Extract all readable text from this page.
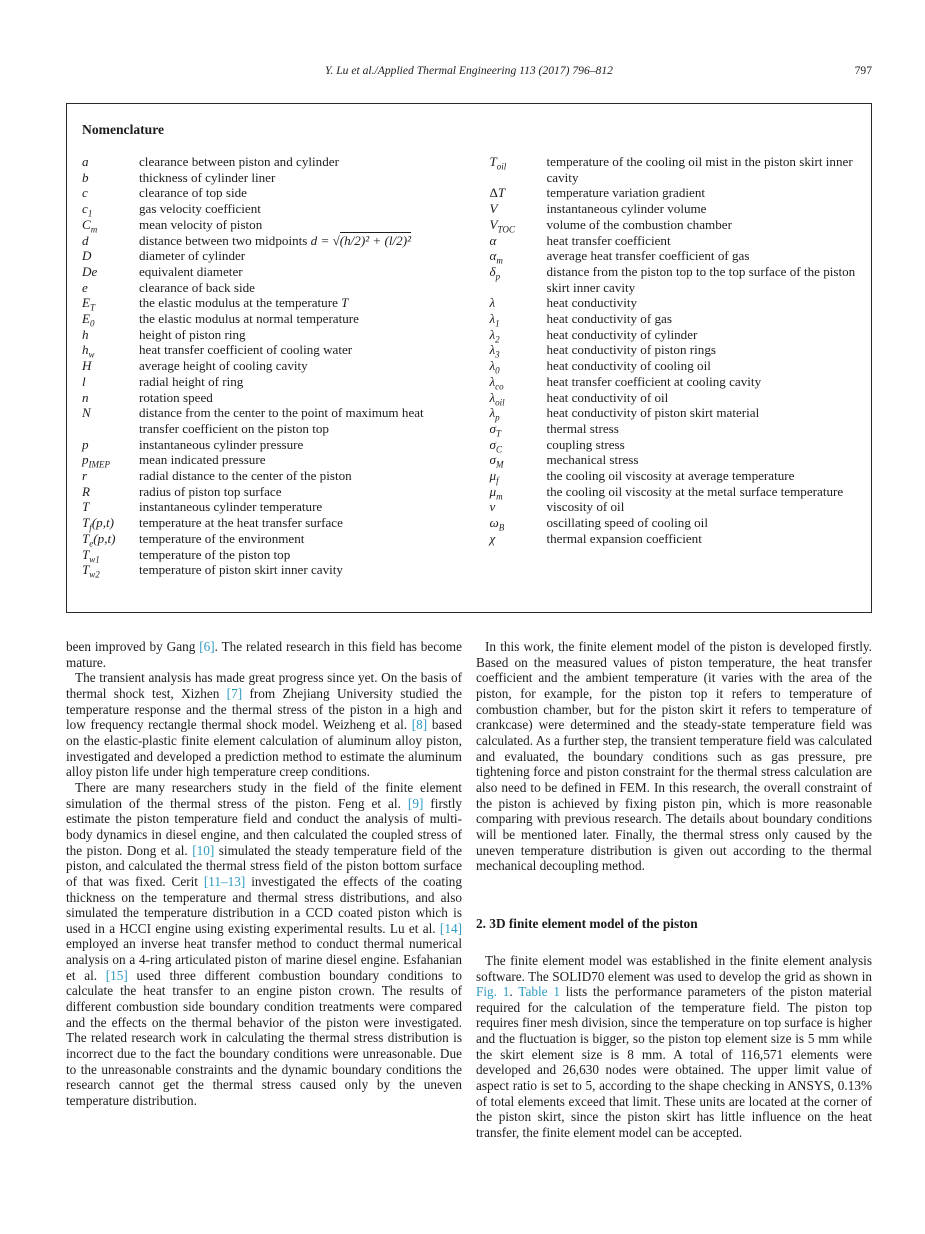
Y. Lu et al./Applied Thermal Engineering 113 (2017) 796–812	797
Nomenclature
a	clearance between piston and cylinder
b	thickness of cylinder liner
c	clearance of top side
$c_1$	gas velocity coefficient
$C_m$	mean velocity of piston
d	distance between two midpoints d = √(h/2)² + (l/2)²
D	diameter of cylinder
De	equivalent diameter
e	clearance of back side
$E_T$	the elastic modulus at the temperature T
$E_0$	the elastic modulus at normal temperature
h	height of piston ring
$h_w$	heat transfer coefficient of cooling water
H	average height of cooling cavity
l	radial height of ring
n	rotation speed
N	distance from the center to the point of maximum heat transfer coefficient on the piston top
p	instantaneous cylinder pressure
$p_{IMEP}$	mean indicated pressure
r	radial distance to the center of the piston
R	radius of piston top surface
T	instantaneous cylinder temperature
$T_f(p,t)$	temperature at the heat transfer surface
$T_e(p,t)$	temperature of the environment
$T_{w1}$	temperature of the piston top
$T_{w2}$	temperature of piston skirt inner cavity
$T_{oil}$	temperature of the cooling oil mist in the piston skirt inner cavity
ΔT	temperature variation gradient
V	instantaneous cylinder volume
$V_{TOC}$	volume of the combustion chamber
α	heat transfer coefficient
$\alpha_m$	average heat transfer coefficient of gas
$\delta_p$	distance from the piston top to the top surface of the piston skirt inner cavity
λ	heat conductivity
$\lambda_1$	heat conductivity of gas
$\lambda_2$	heat conductivity of cylinder
$\lambda_3$	heat conductivity of piston rings
$\lambda_0$	heat conductivity of cooling oil
$\lambda_{co}$	heat transfer coefficient at cooling cavity
$\lambda_{oil}$	heat conductivity of oil
$\lambda_p$	heat conductivity of piston skirt material
$\sigma_T$	thermal stress
$\sigma_C$	coupling stress
$\sigma_M$	mechanical stress
$\mu_f$	the cooling oil viscosity at average temperature
$\mu_m$	the cooling oil viscosity at the metal surface temperature
v	viscosity of oil
$\omega_B$	oscillating speed of cooling oil
χ	thermal expansion coefficient

been improved by Gang [6]. The related research in this field has become mature.

The transient analysis has made great progress since yet. On the basis of thermal shock test, Xizhen [7] from Zhejiang University studied the temperature response and the thermal stress of the piston in a high and low frequency rectangle thermal shock model. Weizheng et al. [8] based on the elastic-plastic finite element calculation of aluminum alloy piston, investigated and developed a prediction method to estimate the aluminum alloy piston life under high temperature creep conditions.

There are many researchers study in the field of the finite element simulation of the thermal stress of the piston. Feng et al. [9] firstly estimate the piston temperature field and conduct the analysis of multi-body dynamics in diesel engine, and then calculated the coupled stress of the piston. Dong et al. [10] simulated the steady temperature field of the piston, and calculated the thermal stress field of the piston bottom surface of that was fixed. Cerit [11–13] investigated the effects of the coating thickness on the temperature and thermal stress distributions, and also simulated the temperature distribution in a CCD coated piston which is used in a HCCI engine using existing experimental results. Lu et al. [14] employed an inverse heat transfer method to conduct thermal numerical analysis on a 4-ring articulated piston of marine diesel engine. Esfahanian et al. [15] used three different combustion boundary conditions to calculate the heat transfer to an engine piston crown. The results of different combustion side boundary condition treatments were compared and the effects on the thermal behavior of the piston were investigated. The related research work in calculating the thermal stress distribution is incorrect due to the fact the boundary conditions were unreasonable. Due to the unreasonable constraints and the dynamic boundary conditions the research cannot get the thermal stress caused only by the uneven temperature distribution.

In this work, the finite element model of the piston is developed firstly. Based on the measured values of piston temperature, the heat transfer coefficient and the ambient temperature (it varies with the area of the piston, for example, for the piston top it refers to temperature of combustion chamber, but for the piston skirt it refers to temperature of crankcase) were determined and the steady-state temperature field was calculated. As a further step, the transient temperature field was calculated and evaluated, the boundary conditions such as gas pressure, pre tightening force and piston constraint for the thermal stress calculation are also need to be defined in FEM. In this research, the overall constraint of the piston is achieved by fixing piston pin, which is more reasonable comparing with previous research. The details about boundary conditions will be mentioned later. Finally, the thermal stress only caused by the uneven temperature distribution is given out according to the thermal mechanical decoupling method.

2. 3D finite element model of the piston

The finite element model was established in the finite element analysis software. The SOLID70 element was used to develop the grid as shown in Fig. 1. Table 1 lists the performance parameters of the piston material required for the calculation of the temperature field. The piston top requires finer mesh division, since the temperature on top surface is higher and the fluctuation is bigger, so the piston top element size is 5 mm while the skirt element size is 8 mm. A total of 116,571 elements were developed and 26,630 nodes were obtained. The upper limit value of aspect ratio is set to 5, according to the shape checking in ANSYS, 0.13% of total elements exceed that limit. These units are located at the corner of the piston skirt, since the piston skirt has little influence on the heat transfer, the finite element model can be accepted.
